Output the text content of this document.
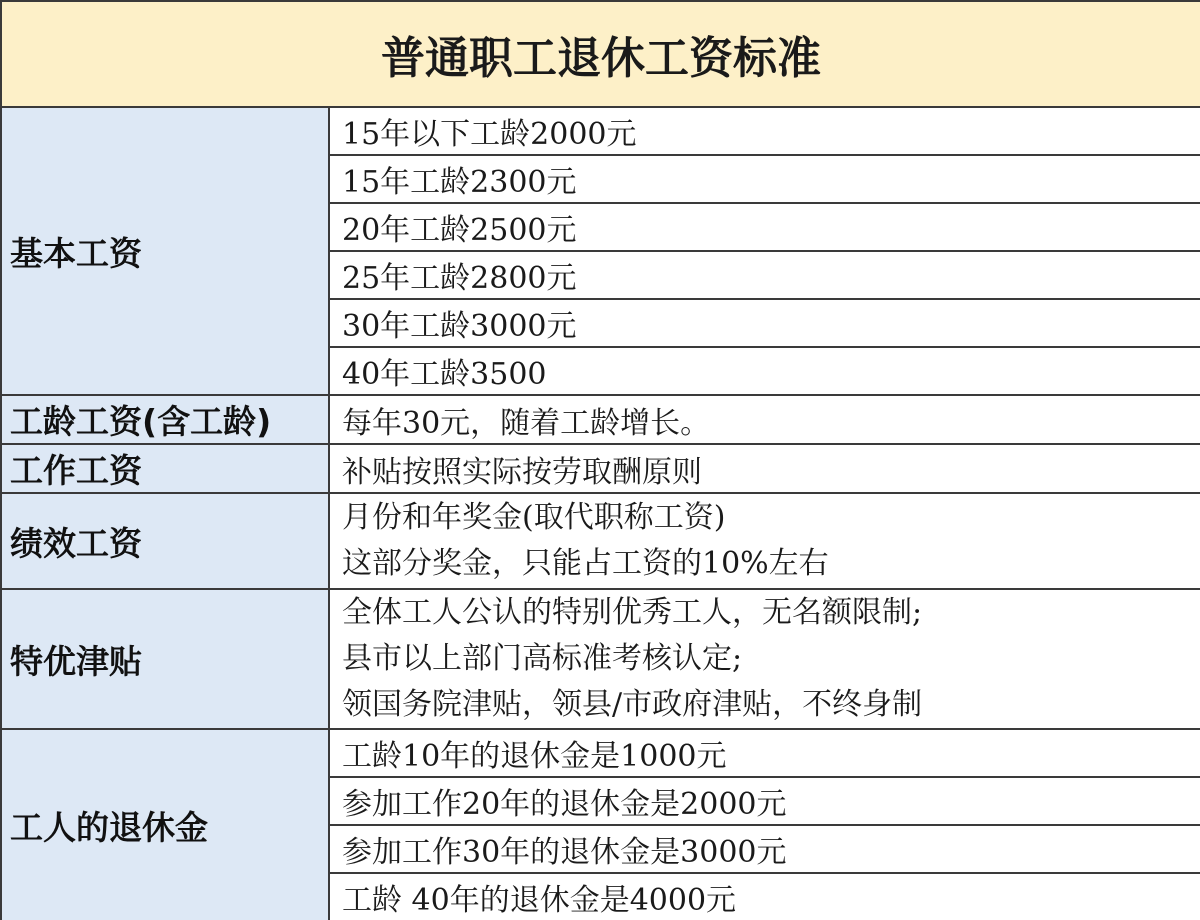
普通职工退休工资标准	
基本工资	15年以下工龄2000元
	15年工龄2300元
	20年工龄2500元
	25年工龄2800元
	30年工龄3000元
	40年工龄3500
工龄工资(含工龄)	每年30元，随着工龄增长。
工作工资	补贴按照实际按劳取酬原则
绩效工资	月份和年奖金(取代职称工资)
这部分奖金，只能占工资的10%左右

特优津贴	全体工人公认的特别优秀工人，无名额限制;
县市以上部门高标准考核认定;
领国务院津贴，领县/市政府津贴，不终身制

工人的退休金	工龄10年的退休金是1000元
	参加工作20年的退休金是2000元
	参加工作30年的退休金是3000元
	工龄 40年的退休金是4000元
